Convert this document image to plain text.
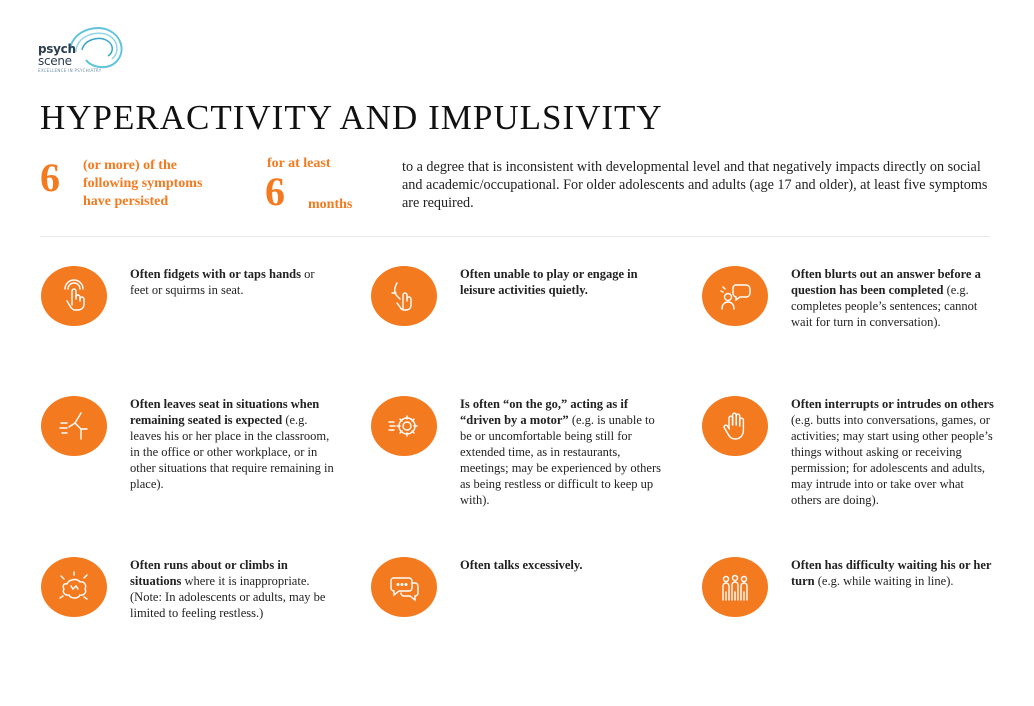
psych
scene
EXCELLENCE IN PSYCHIATRY
HYPERACTIVITY AND IMPULSIVITY
6 (or more) of the
following symptoms
have persisted
for at least
6 months
to a degree that is inconsistent with developmental level and that negatively impacts directly on social and academic/occupational. For older adolescents and adults (age 17 and older), at least five symptoms are required.
Often fidgets with or taps hands or feet or squirms in seat.
Often unable to play or engage in leisure activities quietly.
Often blurts out an answer before a question has been completed (e.g. completes people’s sentences; cannot wait for turn in conversation).
Often leaves seat in situations when remaining seated is expected (e.g. leaves his or her place in the classroom, in the office or other workplace, or in other situations that require remaining in place).
Is often “on the go,” acting as if “driven by a motor” (e.g. is unable to be or uncomfortable being still for extended time, as in restaurants, meetings; may be experienced by others as being restless or difficult to keep up with).
Often interrupts or intrudes on others (e.g. butts into conversations, games, or activities; may start using other people’s things without asking or receiving permission; for adolescents and adults, may intrude into or take over what others are doing).
Often runs about or climbs in situations where it is inappropriate. (Note: In adolescents or adults, may be limited to feeling restless.)
Often talks excessively.	Often has difficulty waiting his or her turn (e.g. while waiting in line).
